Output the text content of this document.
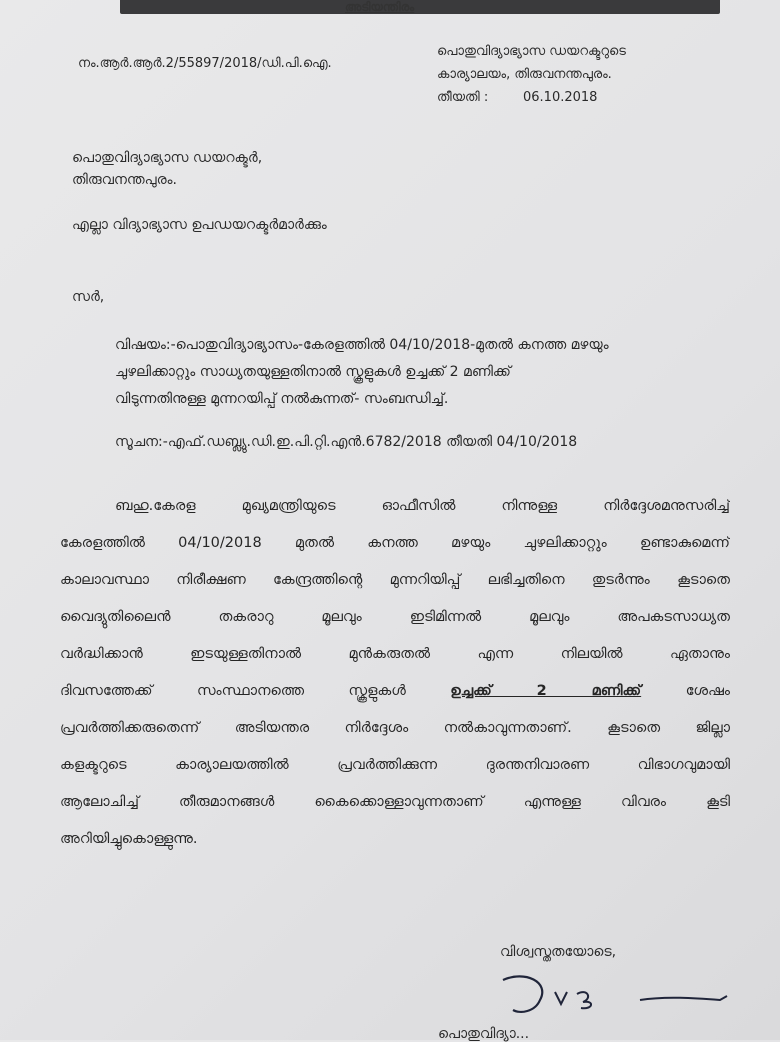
അടിയന്തിരം
നം.ആർ.ആർ.2/55897/2018/ഡി.പി.ഐ.
പൊതുവിദ്യാഭ്യാസ ഡയറക്ടറുടെ
കാര്യാലയം, തിരുവനന്തപുരം.
തീയതി :	06.10.2018
പൊതുവിദ്യാഭ്യാസ ഡയറക്ടർ,
തിരുവനന്തപുരം.
എല്ലാ വിദ്യാഭ്യാസ ഉപഡയറക്ടർമാർക്കും
സർ,
വിഷയം:-പൊതുവിദ്യാഭ്യാസം-കേരളത്തിൽ 04/10/2018-മുതൽ കനത്ത മഴയും
ചുഴലിക്കാറ്റും സാധ്യതയുള്ളതിനാൽ സ്കൂളുകൾ ഉച്ചക്ക് 2 മണിക്ക്
വിടുന്നതിനുള്ള മുന്നറയിപ്പ് നൽകുന്നത്- സംബന്ധിച്ച്.
സൂചന:-എഫ്.ഡബ്ല്യു.ഡി.ഇ.പി.റ്റി.എൻ.6782/2018 തീയതി 04/10/2018
ബഹു.കേരള മുഖ്യമന്ത്രിയുടെ ഓഫീസിൽ നിന്നുള്ള നിർദ്ദേശമനുസരിച്ച്
കേരളത്തിൽ 04/10/2018 മുതൽ കനത്ത മഴയും ചുഴലിക്കാറ്റും ഉണ്ടാകുമെന്ന്
കാലാവസ്ഥാ നിരീക്ഷണ കേന്ദ്രത്തിന്റെ മുന്നറിയിപ്പ് ലഭിച്ചതിനെ തുടർന്നും കൂടാതെ
വൈദ്യുതിലൈൻ തകരാറു മൂലവും ഇടിമിന്നൽ മൂലവും അപകടസാധ്യത
വർദ്ധിക്കാൻ ഇടയുള്ളതിനാൽ മുൻകരുതൽ എന്ന നിലയിൽ ഏതാനും
ദിവസത്തേക്ക് സംസ്ഥാനത്തെ സ്കൂളുകൾ	ഉച്ചക്ക് 2 മണിക്ക്	ശേഷം
പ്രവർത്തിക്കരുതെന്ന് അടിയന്തര നിർദ്ദേശം നൽകാവുന്നതാണ്. കൂടാതെ ജില്ലാ
കളക്ടറുടെ കാര്യാലയത്തിൽ പ്രവർത്തിക്കുന്ന ദുരന്തനിവാരണ വിഭാഗവുമായി
ആലോചിച്ച് തീരുമാനങ്ങൾ കൈക്കൊള്ളാവുന്നതാണ് എന്നുള്ള വിവരം കൂടി
അറിയിച്ചുകൊള്ളുന്നു.
വിശ്വസ്തതയോടെ,
പൊതുവിദ്യാ...
